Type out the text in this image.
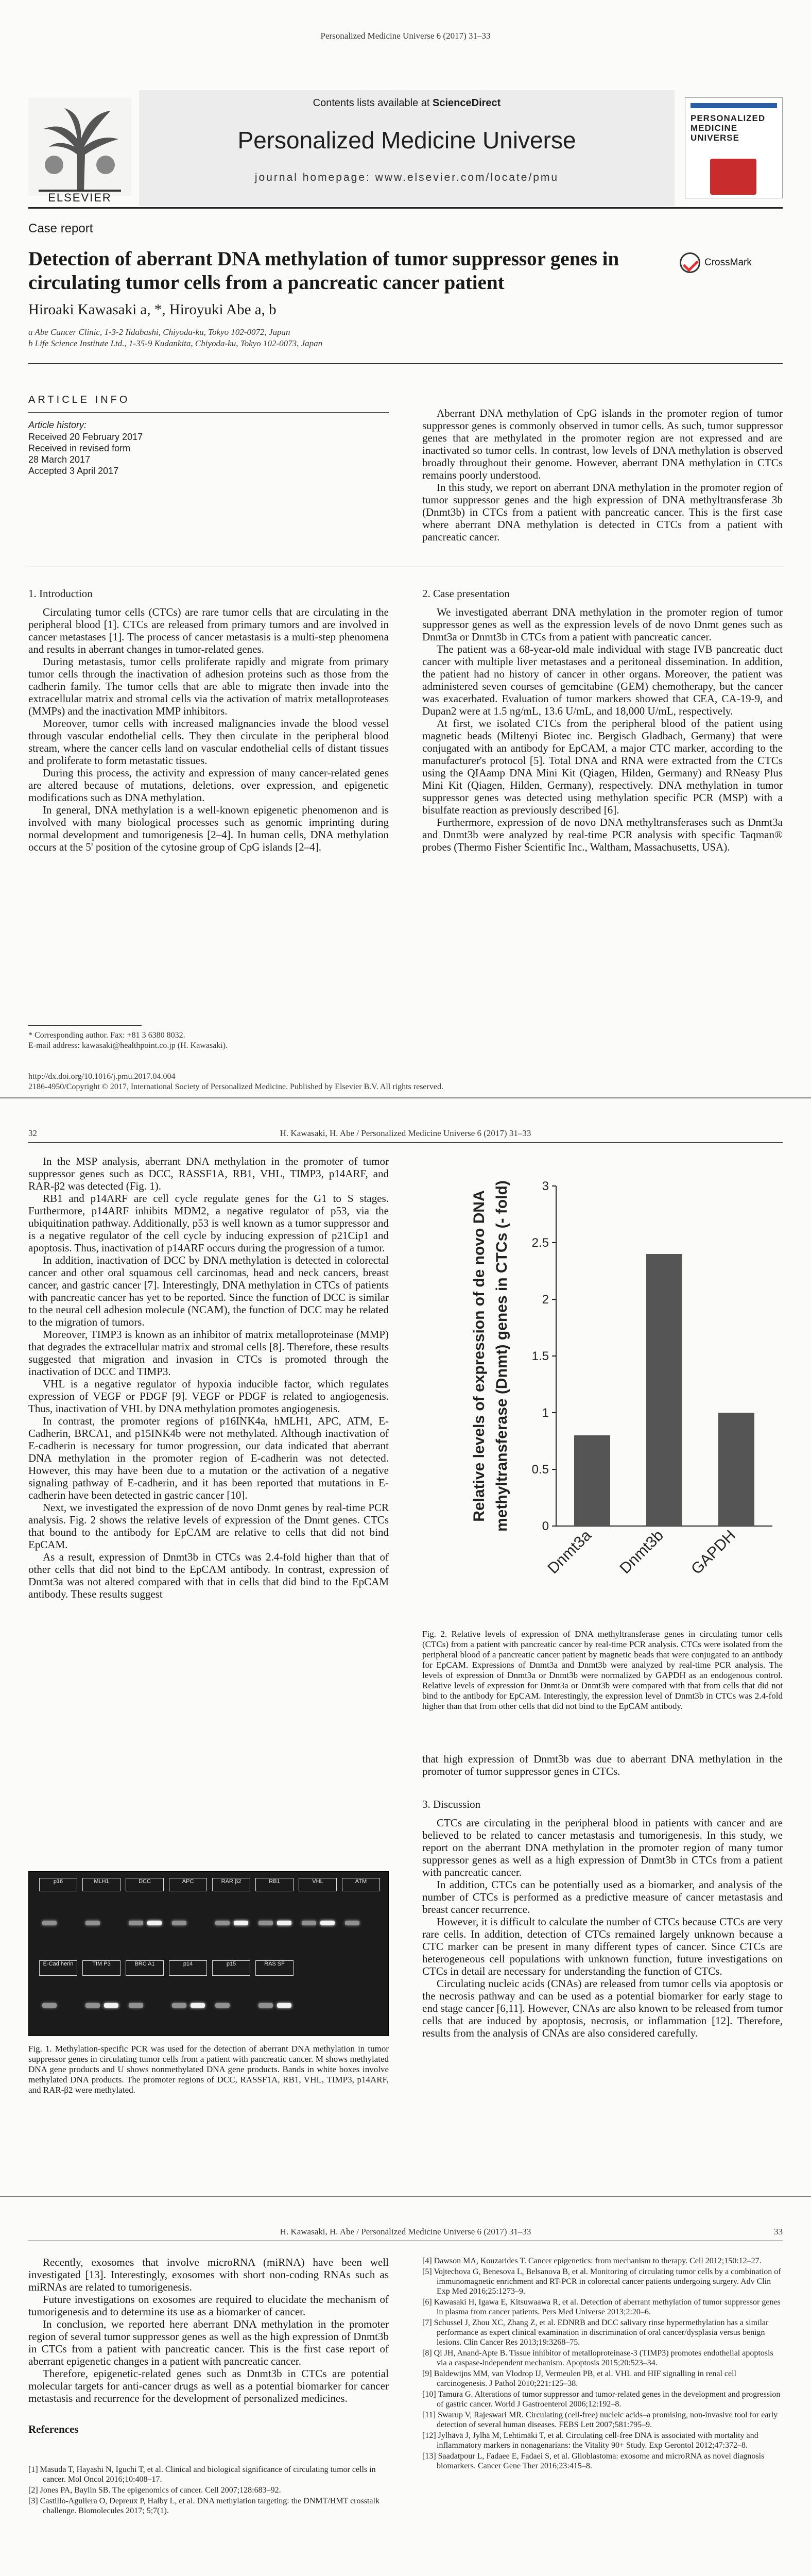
Personalized Medicine Universe 6 (2017) 31–33
ELSEVIER
Contents lists available at ScienceDirect
Personalized Medicine Universe
journal homepage: www.elsevier.com/locate/pmu
PERSONALIZED MEDICINE UNIVERSE
Case report
Detection of aberrant DNA methylation of tumor suppressor genes in circulating tumor cells from a pancreatic cancer patient
CrossMark
Hiroaki Kawasaki a, *, Hiroyuki Abe a, b
a Abe Cancer Clinic, 1-3-2 Iidabashi, Chiyoda-ku, Tokyo 102-0072, Japan
b Life Science Institute Ltd., 1-35-9 Kudankita, Chiyoda-ku, Tokyo 102-0073, Japan
ARTICLE INFO
Article history:
Received 20 February 2017
Received in revised form
28 March 2017
Accepted 3 April 2017

Aberrant DNA methylation of CpG islands in the promoter region of tumor suppressor genes is commonly observed in tumor cells. As such, tumor suppressor genes that are methylated in the promoter region are not expressed and are inactivated so tumor cells. In contrast, low levels of DNA methylation is observed broadly throughout their genome. However, aberrant DNA methylation in CTCs remains poorly understood.

In this study, we report on aberrant DNA methylation in the promoter region of tumor suppressor genes and the high expression of DNA methyltransferase 3b (Dnmt3b) in CTCs from a patient with pancreatic cancer. This is the first case where aberrant DNA methylation is detected in CTCs from a patient with pancreatic cancer.

1. Introduction

Circulating tumor cells (CTCs) are rare tumor cells that are circulating in the peripheral blood [1]. CTCs are released from primary tumors and are involved in cancer metastases [1]. The process of cancer metastasis is a multi-step phenomena and results in aberrant changes in tumor-related genes.

During metastasis, tumor cells proliferate rapidly and migrate from primary tumor cells through the inactivation of adhesion proteins such as those from the cadherin family. The tumor cells that are able to migrate then invade into the extracellular matrix and stromal cells via the activation of matrix metalloproteases (MMPs) and the inactivation MMP inhibitors.

Moreover, tumor cells with increased malignancies invade the blood vessel through vascular endothelial cells. They then circulate in the peripheral blood stream, where the cancer cells land on vascular endothelial cells of distant tissues and proliferate to form metastatic tissues.

During this process, the activity and expression of many cancer-related genes are altered because of mutations, deletions, over expression, and epigenetic modifications such as DNA methylation.

In general, DNA methylation is a well-known epigenetic phenomenon and is involved with many biological processes such as genomic imprinting during normal development and tumorigenesis [2–4]. In human cells, DNA methylation occurs at the 5' position of the cytosine group of CpG islands [2–4].

2. Case presentation

We investigated aberrant DNA methylation in the promoter region of tumor suppressor genes as well as the expression levels of de novo Dnmt genes such as Dnmt3a or Dnmt3b in CTCs from a patient with pancreatic cancer.

The patient was a 68-year-old male individual with stage IVB pancreatic duct cancer with multiple liver metastases and a peritoneal dissemination. In addition, the patient had no history of cancer in other organs. Moreover, the patient was administered seven courses of gemcitabine (GEM) chemotherapy, but the cancer was exacerbated. Evaluation of tumor markers showed that CEA, CA-19-9, and Dupan2 were at 1.5 ng/mL, 13.6 U/mL, and 18,000 U/mL, respectively.

At first, we isolated CTCs from the peripheral blood of the patient using magnetic beads (Miltenyi Biotec inc. Bergisch Gladbach, Germany) that were conjugated with an antibody for EpCAM, a major CTC marker, according to the manufacturer's protocol [5]. Total DNA and RNA were extracted from the CTCs using the QIAamp DNA Mini Kit (Qiagen, Hilden, Germany) and RNeasy Plus Mini Kit (Qiagen, Hilden, Germany), respectively. DNA methylation in tumor suppressor genes was detected using methylation specific PCR (MSP) with a bisulfate reaction as previously described [6].

Furthermore, expression of de novo DNA methyltransferases such as Dnmt3a and Dnmt3b were analyzed by real-time PCR analysis with specific Taqman® probes (Thermo Fisher Scientific Inc., Waltham, Massachusetts, USA).

* Corresponding author. Fax: +81 3 6380 8032.
E-mail address: kawasaki@healthpoint.co.jp (H. Kawasaki).
http://dx.doi.org/10.1016/j.pmu.2017.04.004
2186-4950/Copyright © 2017, International Society of Personalized Medicine. Published by Elsevier B.V. All rights reserved.
32	H. Kawasaki, H. Abe / Personalized Medicine Universe 6 (2017) 31–33

In the MSP analysis, aberrant DNA methylation in the promoter of tumor suppressor genes such as DCC, RASSF1A, RB1, VHL, TIMP3, p14ARF, and RAR-β2 was detected (Fig. 1).

RB1 and p14ARF are cell cycle regulate genes for the G1 to S stages. Furthermore, p14ARF inhibits MDM2, a negative regulator of p53, via the ubiquitination pathway. Additionally, p53 is well known as a tumor suppressor and is a negative regulator of the cell cycle by inducing expression of p21Cip1 and apoptosis. Thus, inactivation of p14ARF occurs during the progression of a tumor.

In addition, inactivation of DCC by DNA methylation is detected in colorectal cancer and other oral squamous cell carcinomas, head and neck cancers, breast cancer, and gastric cancer [7]. Interestingly, DNA methylation in CTCs of patients with pancreatic cancer has yet to be reported. Since the function of DCC is similar to the neural cell adhesion molecule (NCAM), the function of DCC may be related to the migration of tumors.

Moreover, TIMP3 is known as an inhibitor of matrix metalloproteinase (MMP) that degrades the extracellular matrix and stromal cells [8]. Therefore, these results suggested that migration and invasion in CTCs is promoted through the inactivation of DCC and TIMP3.

VHL is a negative regulator of hypoxia inducible factor, which regulates expression of VEGF or PDGF [9]. VEGF or PDGF is related to angiogenesis. Thus, inactivation of VHL by DNA methylation promotes angiogenesis.

In contrast, the promoter regions of p16INK4a, hMLH1, APC, ATM, E-Cadherin, BRCA1, and p15INK4b were not methylated. Although inactivation of E-cadherin is necessary for tumor progression, our data indicated that aberrant DNA methylation in the promoter region of E-cadherin was not detected. However, this may have been due to a mutation or the activation of a negative signaling pathway of E-cadherin, and it has been reported that mutations in E-cadherin have been detected in gastric cancer [10].

Next, we investigated the expression of de novo Dnmt genes by real-time PCR analysis. Fig. 2 shows the relative levels of expression of the Dnmt genes. CTCs that bound to the antibody for EpCAM are relative to cells that did not bind EpCAM.

As a result, expression of Dnmt3b in CTCs was 2.4-fold higher than that of other cells that did not bind to the EpCAM antibody. In contrast, expression of Dnmt3a was not altered compared with that in cells that did bind to the EpCAM antibody. These results suggest

0
0.5
1
1.5
2
2.5
3
Dnmt3a Dnmt3b GAPDH
Relative levels of expression of de novo DNA methyltransferase (Dnmt) genes in CTCs (- fold)
Fig. 2. Relative levels of expression of DNA methyltransferase genes in circulating tumor cells (CTCs) from a patient with pancreatic cancer by real-time PCR analysis. CTCs were isolated from the peripheral blood of a pancreatic cancer patient by magnetic beads that were conjugated to an antibody for EpCAM. Expressions of Dnmt3a and Dnmt3b were analyzed by real-time PCR analysis. The levels of expression of Dnmt3a or Dnmt3b were normalized by GAPDH as an endogenous control. Relative levels of expression for Dnmt3a or Dnmt3b were compared with that from cells that did not bind to the antibody for EpCAM. Interestingly, the expression level of Dnmt3b in CTCs was 2.4-fold higher than that from other cells that did not bind to the EpCAM antibody.

that high expression of Dnmt3b was due to aberrant DNA methylation in the promoter of tumor suppressor genes in CTCs.

3. Discussion

CTCs are circulating in the peripheral blood in patients with cancer and are believed to be related to cancer metastasis and tumorigenesis. In this study, we report on the aberrant DNA methylation in the promoter region of many tumor suppressor genes as well as a high expression of Dnmt3b in CTCs from a patient with pancreatic cancer.

In addition, CTCs can be potentially used as a biomarker, and analysis of the number of CTCs is performed as a predictive measure of cancer metastasis and breast cancer recurrence.

However, it is difficult to calculate the number of CTCs because CTCs are very rare cells. In addition, detection of CTCs remained largely unknown because a CTC marker can be present in many different types of cancer. Since CTCs are heterogeneous cell populations with unknown function, future investigations on CTCs in detail are necessary for understanding the function of CTCs.

Circulating nucleic acids (CNAs) are released from tumor cells via apoptosis or the necrosis pathway and can be used as a potential biomarker for early stage to end stage cancer [6,11]. However, CNAs are also known to be released from tumor cells that are induced by apoptosis, necrosis, or inflammation [12]. Therefore, results from the analysis of CNAs are also considered carefully.

p16	MLH1	DCC	APC	RAR β2	RB1	VHL	ATM
E-Cad herin	TIM P3	BRC A1	p14	p15	RAS SF
Fig. 1. Methylation-specific PCR was used for the detection of aberrant DNA methylation in tumor suppressor genes in circulating tumor cells from a patient with pancreatic cancer. M shows methylated DNA gene products and U shows nonmethylated DNA gene products. Bands in white boxes involve methylated DNA products. The promoter regions of DCC, RASSF1A, RB1, VHL, TIMP3, p14ARF, and RAR-β2 were methylated.
H. Kawasaki, H. Abe / Personalized Medicine Universe 6 (2017) 31–33	33

Recently, exosomes that involve microRNA (miRNA) have been well investigated [13]. Interestingly, exosomes with short non-coding RNAs such as miRNAs are related to tumorigenesis.

Future investigations on exosomes are required to elucidate the mechanism of tumorigenesis and to determine its use as a biomarker of cancer.

In conclusion, we reported here aberrant DNA methylation in the promoter region of several tumor suppressor genes as well as the high expression of Dnmt3b in CTCs from a patient with pancreatic cancer. This is the first case report of aberrant epigenetic changes in a patient with pancreatic cancer.

Therefore, epigenetic-related genes such as Dnmt3b in CTCs are potential molecular targets for anti-cancer drugs as well as a potential biomarker for cancer metastasis and recurrence for the development of personalized medicines.

References
[1] Masuda T, Hayashi N, Iguchi T, et al. Clinical and biological significance of circulating tumor cells in cancer. Mol Oncol 2016;10:408–17.
[2] Jones PA, Baylin SB. The epigenomics of cancer. Cell 2007;128:683–92.
[3] Castillo-Aguilera O, Depreux P, Halby L, et al. DNA methylation targeting: the DNMT/HMT crosstalk challenge. Biomolecules 2017; 5;7(1).
[4] Dawson MA, Kouzarides T. Cancer epigenetics: from mechanism to therapy. Cell 2012;150:12–27.
[5] Vojtechova G, Benesova L, Belsanova B, et al. Monitoring of circulating tumor cells by a combination of immunomagnetic enrichment and RT-PCR in colorectal cancer patients undergoing surgery. Adv Clin Exp Med 2016;25:1273–9.
[6] Kawasaki H, Igawa E, Kitsuwaawa R, et al. Detection of aberrant methylation of tumor suppressor genes in plasma from cancer patients. Pers Med Universe 2013;2:20–6.
[7] Schussel J, Zhou XC, Zhang Z, et al. EDNRB and DCC salivary rinse hypermethylation has a similar performance as expert clinical examination in discrimination of oral cancer/dysplasia versus benign lesions. Clin Cancer Res 2013;19:3268–75.
[8] Qi JH, Anand-Apte B. Tissue inhibitor of metalloproteinase-3 (TIMP3) promotes endothelial apoptosis via a caspase-independent mechanism. Apoptosis 2015;20:523–34.
[9] Baldewijns MM, van Vlodrop IJ, Vermeulen PB, et al. VHL and HIF signalling in renal cell carcinogenesis. J Pathol 2010;221:125–38.
[10] Tamura G. Alterations of tumor suppressor and tumor-related genes in the development and progression of gastric cancer. World J Gastroenterol 2006;12:192–8.
[11] Swarup V, Rajeswari MR. Circulating (cell-free) nucleic acids–a promising, non-invasive tool for early detection of several human diseases. FEBS Lett 2007;581:795–9.
[12] Jylhävä J, Jylhä M, Lehtimäki T, et al. Circulating cell-free DNA is associated with mortality and inflammatory markers in nonagenarians: the Vitality 90+ Study. Exp Gerontol 2012;47:372–8.
[13] Saadatpour L, Fadaee E, Fadaei S, et al. Glioblastoma: exosome and microRNA as novel diagnosis biomarkers. Cancer Gene Ther 2016;23:415–8.
